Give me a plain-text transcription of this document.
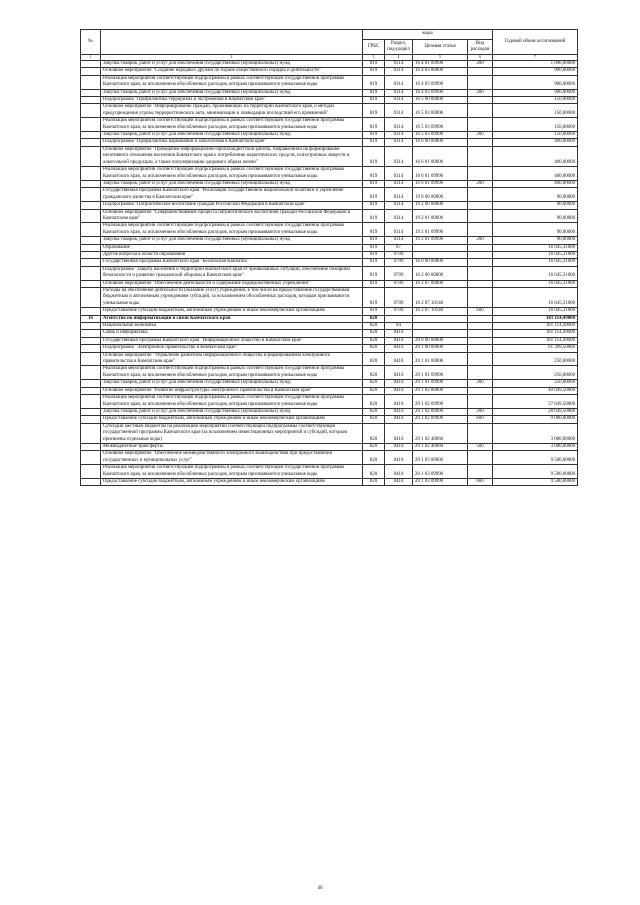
№		коды				Годовой объем ассигнований
		ГРБС	Раздел, под-раздел	Целевая статья	Вид расходов	
1	2	3	4	5	6	7
	Закупка товаров, работ и услуг для обеспечения государственных (муниципальных) нужд	819	0314	16 4 01 09990	200	1 000,00000
	Основное мероприятие "Создание народных дружин по охране общественного порядка и деятельности"	819	0314	16 4 03 00000		900,00000
	Реализация мероприятий соответствующей подпрограммы в рамках соответствующей государственной программы Камчатского края, за исключением обособленных расходов, которым присваиваются уникальные коды	819	0314	16 4 03 09990		900,00000
	Закупка товаров, работ и услуг для обеспечения государственных (муниципальных) нужд	819	0314	16 4 03 09990	200	900,00000
	Подпрограмма "Профилактика терроризма и экстремизма в Камчатском крае"	819	0314	16 5 00 00000		150,00000
	Основное мероприятие "Информирование граждан, проживающих на территории Камчатского края, о методах предупреждения угрозы террористического акта, минимизации и ликвидации последствий его проявлений"	819	0314	16 5 03 00000		150,00000
	Реализация мероприятий соответствующей подпрограммы в рамках соответствующей государственной программы Камчатского края, за исключением обособленных расходов, которым присваиваются уникальные коды	819	0314	16 5 03 09990		150,00000
	Закупка товаров, работ и услуг для обеспечения государственных (муниципальных) нужд	819	0314	16 5 03 09990	200	150,00000
	Подпрограмма "Профилактика наркомании и алкоголизма в Камчатском крае"	819	0314	16 6 00 00000		400,00000
	Основное мероприятие "Проведение информационно-пропагандистской работы, направленной на формирование негативного отношения населения Камчатского края к потреблению наркотических средств, психотропных веществ и алкогольной продукции, а также популяризацию здорового образа жизни"	819	0314	16 6 01 00000		400,00000
	Реализация мероприятий соответствующей подпрограммы в рамках соответствующей государственной программы Камчатского края, за исключением обособленных расходов, которым присваиваются уникальные коды	819	0314	16 6 01 09990		400,00000
	Закупка товаров, работ и услуг для обеспечения государственных (муниципальных) нужд	819	0314	16 6 01 09990	200	400,00000
	Государственная программа Камчатского края "Реализация государственной национальной политики и укрепление гражданского единства в Камчатском крае"	819	0314	19 0 00 00000		90,00000
	Подпрограмма "Патриотическое воспитание граждан Российской Федерации в Камчатском крае"	819	0314	19 2 00 00000		90,00000
	Основное мероприятие "Совершенствование процесса патриотического воспитания граждан Российской Федерации в Камчатском крае"	819	0314	19 2 01 00000		90,00000
	Реализация мероприятий соответствующей подпрограммы в рамках соответствующей государственной программы Камчатского края, за исключением обособленных расходов, которым присваиваются уникальные коды	819	0314	19 2 01 09990		90,00000
	Закупка товаров, работ и услуг для обеспечения государственных (муниципальных) нужд	819	0314	19 2 01 09990	200	90,00000
	Образование	819	07			16 045,31000
	Другие вопросы в области образования	819	0709			16 045,31000
	Государственная программа Камчатского края "Безопасная Камчатка"	819	0709	16 0 00 00000		16 045,31000
	Подпрограмма "Защита населения и территорий Камчатского края от чрезвычайных ситуаций, обеспечение пожарной безопасности и развитие гражданской обороны в Камчатском крае"	819	0709	16 2 00 00000		16 045,31000
	Основное мероприятие "Обеспечение деятельности и содержание подведомственных учреждений"	819	0709	16 2 07 00000		16 045,31000
	Расходы на обеспечение деятельности (оказание услуг) учреждений, в том числе на предоставление государственным бюджетным и автономным учреждениям субсидий, за исключением обособленных расходов, которым присваиваются уникальные коды	819	0709	16 2 07 10140		16 045,31000
	Предоставление субсидий бюджетным, автономным учреждениям и иным некоммерческим организациям	819	0709	16 2 07 10140	600	16 045,31000
16	Агентство по информатизации и связи Камчатского края	820				181 114,49000
	Национальная экономика	820	04			181 114,49000
	Связь и информатика	820	0410			181 114,49000
	Государственная программа Камчатского края "Информационное общество в Камчатском крае"	820	0410	20 0 00 00000		181 114,49000
	Подпрограмма "Электронное правительство в Камчатском крае"	820	0410	20 1 00 00000		61 399,50000
	Основное мероприятие "Управление развитием информационного общества и формированием электронного правительства в Камчатском крае"	820	0410	20 1 01 00000		250,00000
	Реализация мероприятий соответствующей подпрограммы в рамках соответствующей государственной программы Камчатского края, за исключением обособленных расходов, которым присваиваются уникальные коды	820	0410	20 1 01 09990		250,00000
	Закупка товаров, работ и услуг для обеспечения государственных (муниципальных) нужд	820	0410	20 1 01 09990	200	250,00000
	Основное мероприятие "Развитие инфраструктуры электронного правительства в Камчатском крае"	820	0410	20 1 02 00000		40 649,50000
	Реализация мероприятий соответствующей подпрограммы в рамках соответствующей государственной программы Камчатского края, за исключением обособленных расходов, которым присваиваются уникальные коды	820	0410	20 1 02 09990		37 649,50000
	Закупка товаров, работ и услуг для обеспечения государственных (муниципальных) нужд	820	0410	20 1 02 09990	200	28 649,50000
	Предоставление субсидий бюджетным, автономным учреждениям и иным некоммерческим организациям	820	0410	20 1 02 09990	600	9 000,00000
	Субсидии местным бюджетам на реализацию мероприятий соответствующей подпрограммы соответствующей государственной программы Камчатского края (за исключением инвестиционных мероприятий и субсидий, которым присвоены отдельные коды)	820	0410	20 1 02 40060		3 000,00000
	Межбюджетные трансферты	820	0410	20 1 02 40060	500	3 000,00000
	Основное мероприятие "Обеспечение межведомственного электронного взаимодействия при предоставлении государственных и муниципальных услуг"	820	0410	20 1 03 00000		9 500,00000
	Реализация мероприятий соответствующей подпрограммы в рамках соответствующей государственной программы Камчатского края, за исключением обособленных расходов, которым присваиваются уникальные коды	820	0410	20 1 03 09990		9 500,00000
	Предоставление субсидий бюджетным, автономным учреждениям и иным некоммерческим организациям	820	0410	20 1 03 09990	600	9 500,00000
46
